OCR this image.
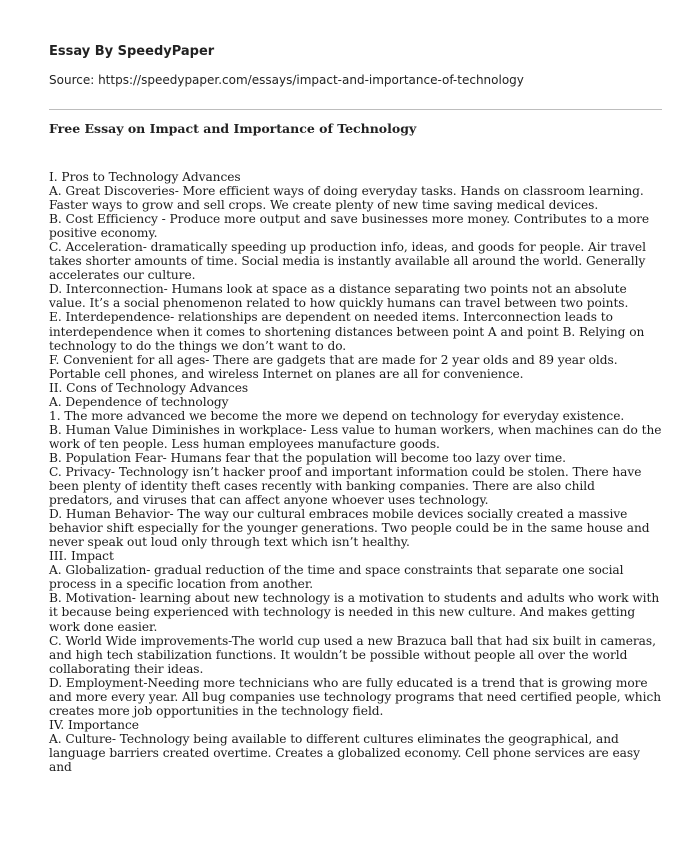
Essay By SpeedyPaper
Source: https://speedypaper.com/essays/impact-and-importance-of-technology
Free Essay on Impact and Importance of Technology

I. Pros to Technology Advances

A. Great Discoveries- More efficient ways of doing everyday tasks. Hands on classroom learning. Faster ways to grow and sell crops. We create plenty of new time saving medical devices.

B. Cost Efficiency - Produce more output and save businesses more money. Contributes to a more positive economy.

C. Acceleration- dramatically speeding up production info, ideas, and goods for people. Air travel takes shorter amounts of time. Social media is instantly available all around the world. Generally accelerates our culture.

D. Interconnection- Humans look at space as a distance separating two points not an absolute value. It’s a social phenomenon related to how quickly humans can travel between two points.

E. Interdependence- relationships are dependent on needed items. Interconnection leads to interdependence when it comes to shortening distances between point A and point B. Relying on technology to do the things we don’t want to do.

F. Convenient for all ages- There are gadgets that are made for 2 year olds and 89 year olds. Portable cell phones, and wireless Internet on planes are all for convenience.

II. Cons of Technology Advances

A. Dependence of technology

1. The more advanced we become the more we depend on technology for everyday existence.

B. Human Value Diminishes in workplace- Less value to human workers, when machines can do the work of ten people. Less human employees manufacture goods.

B. Population Fear- Humans fear that the population will become too lazy over time.

C. Privacy- Technology isn’t hacker proof and important information could be stolen. There have been plenty of identity theft cases recently with banking companies. There are also child predators, and viruses that can affect anyone whoever uses technology.

D. Human Behavior- The way our cultural embraces mobile devices socially created a massive behavior shift especially for the younger generations. Two people could be in the same house and never speak out loud only through text which isn’t healthy.

III. Impact

A. Globalization- gradual reduction of the time and space constraints that separate one social process in a specific location from another.

B. Motivation- learning about new technology is a motivation to students and adults who work with it because being experienced with technology is needed in this new culture. And makes getting work done easier.

C. World Wide improvements-The world cup used a new Brazuca ball that had six built in cameras, and high tech stabilization functions. It wouldn’t be possible without people all over the world collaborating their ideas.

D. Employment-Needing more technicians who are fully educated is a trend that is growing more and more every year. All bug companies use technology programs that need certified people, which creates more job opportunities in the technology field.

IV. Importance

A. Culture- Technology being available to different cultures eliminates the geographical, and language barriers created overtime. Creates a globalized economy. Cell phone services are easy and
